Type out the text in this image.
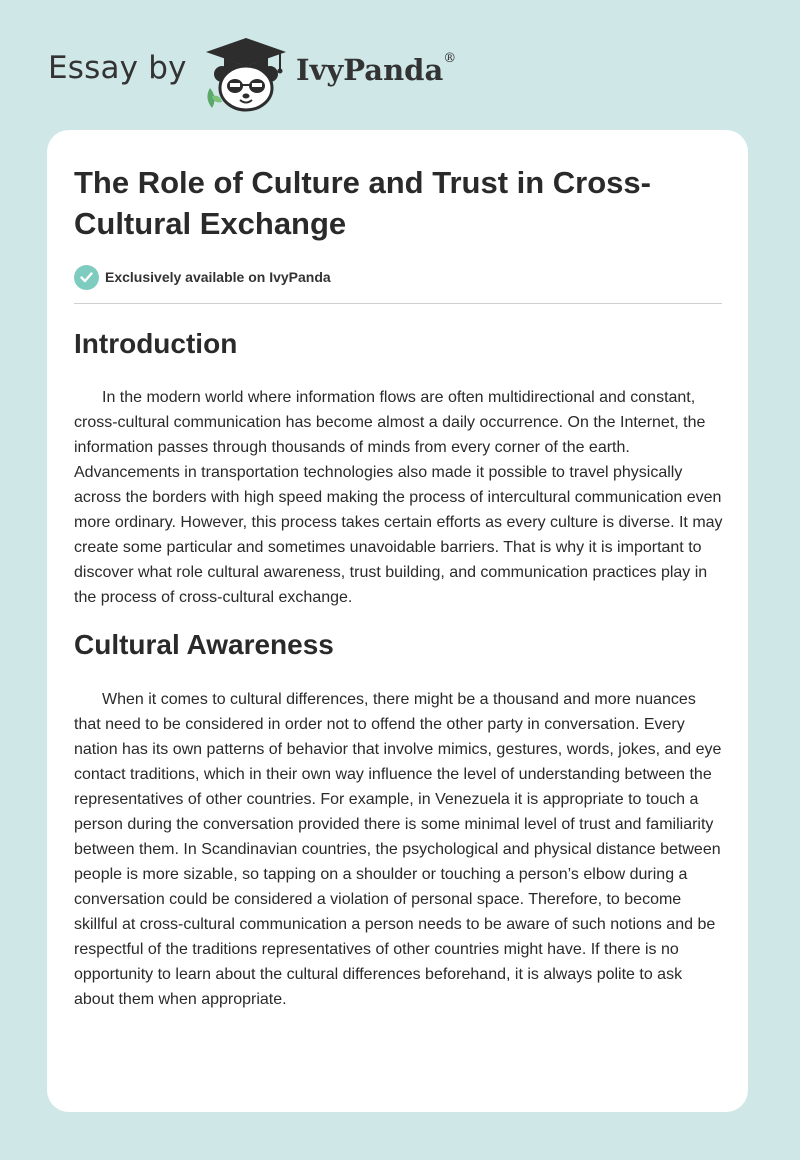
Essay by	IvyPanda®
The Role of Culture and Trust in Cross-Cultural Exchange
Exclusively available on IvyPanda
Introduction

In the modern world where information flows are often multidirectional and constant, cross-cultural communication has become almost a daily occurrence. On the Internet, the information passes through thousands of minds from every corner of the earth. Advancements in transportation technologies also made it possible to travel physically across the borders with high speed making the process of intercultural communication even more ordinary. However, this process takes certain efforts as every culture is diverse. It may create some particular and sometimes unavoidable barriers. That is why it is important to discover what role cultural awareness, trust building, and communication practices play in the process of cross-cultural exchange.

Cultural Awareness

When it comes to cultural differences, there might be a thousand and more nuances that need to be considered in order not to offend the other party in conversation. Every nation has its own patterns of behavior that involve mimics, gestures, words, jokes, and eye contact traditions, which in their own way influence the level of understanding between the representatives of other countries. For example, in Venezuela it is appropriate to touch a person during the conversation provided there is some minimal level of trust and familiarity between them. In Scandinavian countries, the psychological and physical distance between people is more sizable, so tapping on a shoulder or touching a person’s elbow during a conversation could be considered a violation of personal space. Therefore, to become skillful at cross-cultural communication a person needs to be aware of such notions and be respectful of the traditions representatives of other countries might have. If there is no opportunity to learn about the cultural differences beforehand, it is always polite to ask about them when appropriate.
